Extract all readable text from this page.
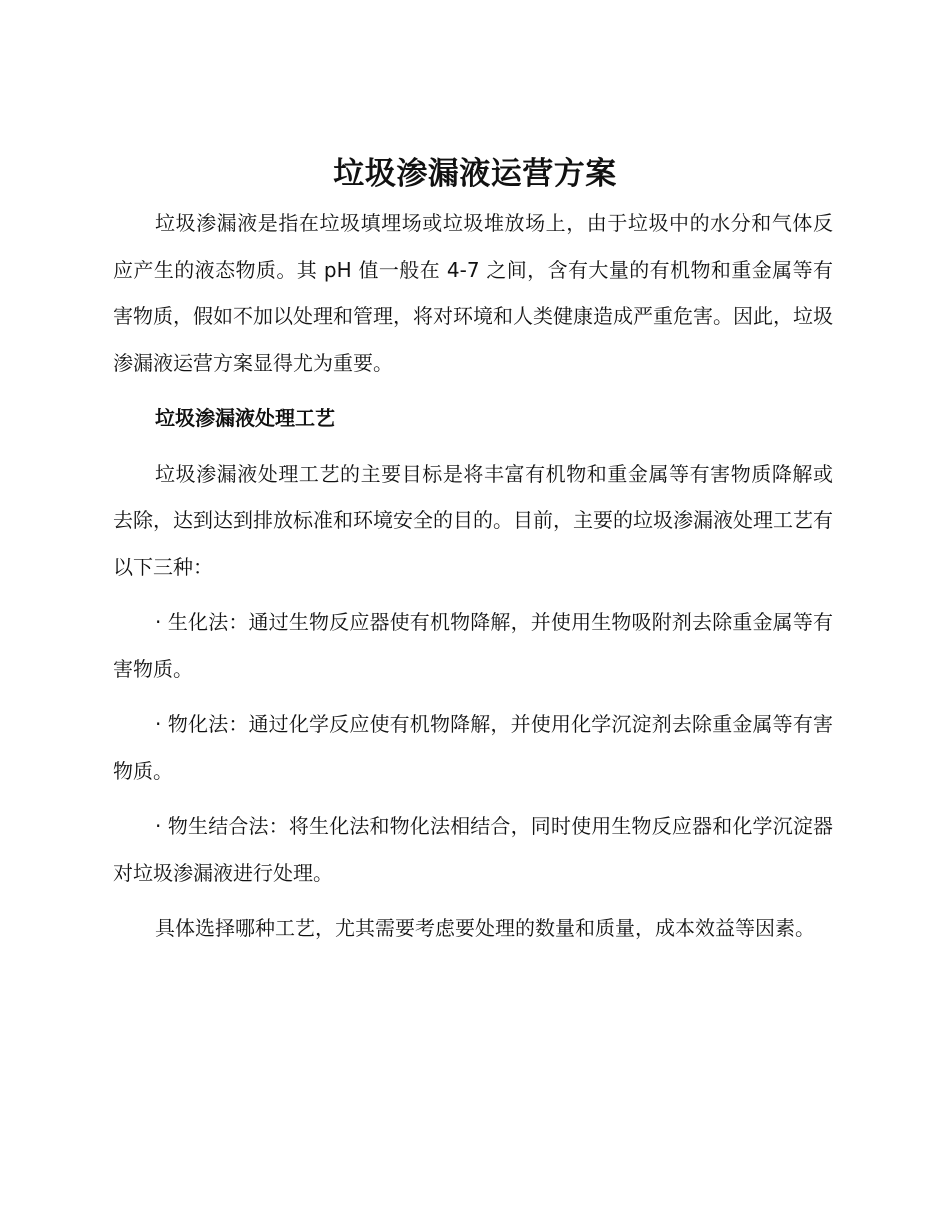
垃圾渗漏液运营方案

垃圾渗漏液是指在垃圾填埋场或垃圾堆放场上，由于垃圾中的水分和气体反应产生的液态物质。其 pH 值一般在 4-7 之间，含有大量的有机物和重金属等有害物质，假如不加以处理和管理，将对环境和人类健康造成严重危害。因此，垃圾渗漏液运营方案显得尤为重要。

垃圾渗漏液处理工艺

垃圾渗漏液处理工艺的主要目标是将丰富有机物和重金属等有害物质降解或去除，达到达到排放标准和环境安全的目的。目前，主要的垃圾渗漏液处理工艺有以下三种：

· 生化法：通过生物反应器使有机物降解，并使用生物吸附剂去除重金属等有害物质。

· 物化法：通过化学反应使有机物降解，并使用化学沉淀剂去除重金属等有害物质。

· 物生结合法：将生化法和物化法相结合，同时使用生物反应器和化学沉淀器对垃圾渗漏液进行处理。

具体选择哪种工艺，尤其需要考虑要处理的数量和质量，成本效益等因素。
